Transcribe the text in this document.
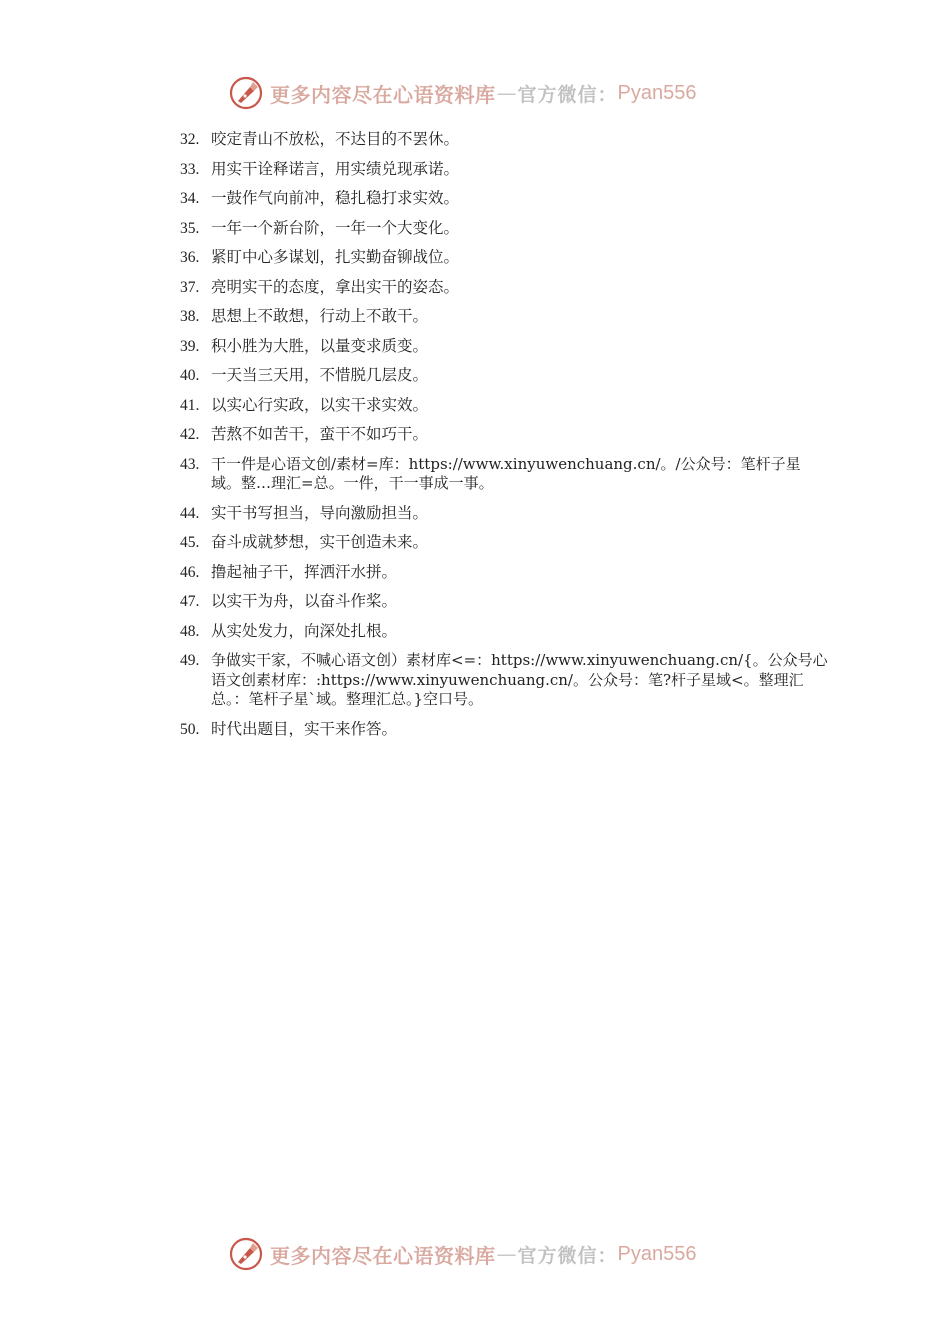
更多内容尽在心语资料库 — 官方微信： Pyan556
32. 咬定青山不放松，不达目的不罢休。
33. 用实干诠释诺言，用实绩兑现承诺。
34. 一鼓作气向前冲，稳扎稳打求实效。
35. 一年一个新台阶，一年一个大变化。
36. 紧盯中心多谋划，扎实勤奋铆战位。
37. 亮明实干的态度，拿出实干的姿态。
38. 思想上不敢想，行动上不敢干。
39. 积小胜为大胜，以量变求质变。
40. 一天当三天用，不惜脱几层皮。
41. 以实心行实政，以实干求实效。
42. 苦熬不如苦干，蛮干不如巧干。
43. 干一件是心语文创/素材=库：https://www.xinyuwenchuang.cn/。/公众号：笔杆子星域。整…理汇=总。一件，干一事成一事。
44. 实干书写担当，导向激励担当。
45. 奋斗成就梦想，实干创造未来。
46. 撸起袖子干，挥洒汗水拼。
47. 以实干为舟，以奋斗作桨。
48. 从实处发力，向深处扎根。
49. 争做实干家，不喊心语文创）素材库<=：https://www.xinyuwenchuang.cn/{。公众号心语文创素材库：:https://www.xinyuwenchuang.cn/。公众号：笔?杆子星域<。整理汇总。：笔杆子星`域。整理汇总。}空口号。
50. 时代出题目，实干来作答。
更多内容尽在心语资料库 — 官方微信： Pyan556
